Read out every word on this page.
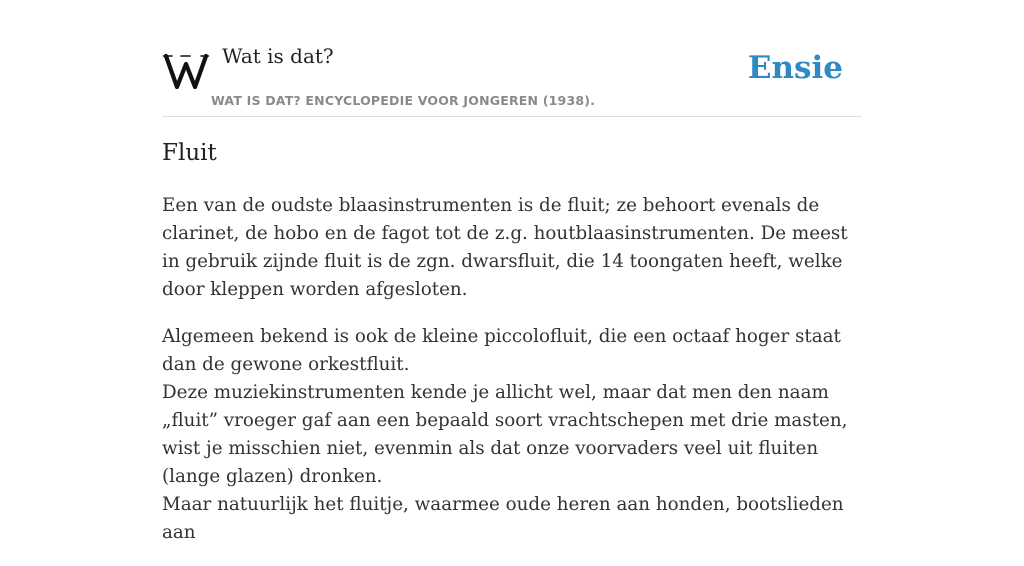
Wat is dat?
WAT IS DAT? ENCYCLOPEDIE VOOR JONGEREN (1938).
Ensie
Fluit

Een van de oudste blaasinstrumenten is de fluit; ze behoort evenals de clarinet, de hobo en de fagot tot de z.g. houtblaasinstrumenten. De meest in gebruik zijnde fluit is de zgn. dwarsfluit, die 14 toongaten heeft, welke door kleppen worden afgesloten.

Algemeen bekend is ook de kleine piccolofluit, die een octaaf hoger staat dan de gewone orkestfluit.

Deze muziekinstrumenten kende je allicht wel, maar dat men den naam „fluit” vroeger gaf aan een bepaald soort vrachtschepen met drie masten, wist je misschien niet, evenmin als dat onze voorvaders veel uit fluiten (lange glazen) dronken.

Maar natuurlijk het fluitje, waarmee oude heren aan honden, bootslieden aan
